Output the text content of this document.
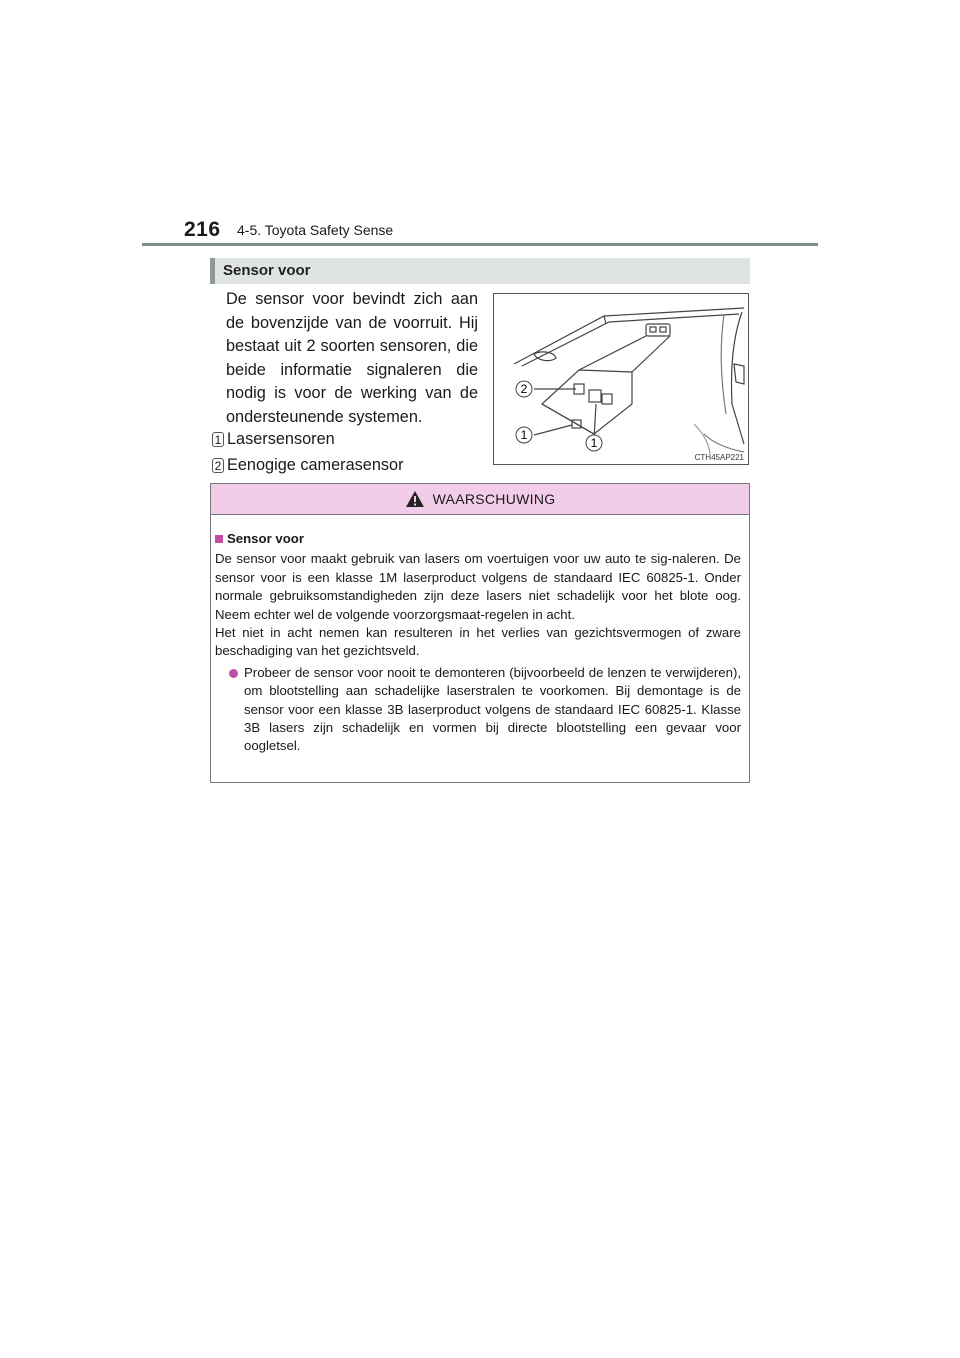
216 4-5. Toyota Safety Sense
Sensor voor

De sensor voor bevindt zich aan de bovenzijde van de voorruit. Hij bestaat uit 2 soorten sensoren, die beide informatie signaleren die nodig is voor de werking van de ondersteunende systemen.

1 Lasersensoren
2 Eenogige camerasensor
2
1
1
CTH45AP221
WAARSCHUWING

Sensor voor

De sensor voor maakt gebruik van lasers om voertuigen voor uw auto te sig-naleren. De sensor voor is een klasse 1M laserproduct volgens de standaard IEC 60825-1. Onder normale gebruiksomstandigheden zijn deze lasers niet schadelijk voor het blote oog. Neem echter wel de volgende voorzorgsmaat-regelen in acht.

Het niet in acht nemen kan resulteren in het verlies van gezichtsvermogen of zware beschadiging van het gezichtsveld.

Probeer de sensor voor nooit te demonteren (bijvoorbeeld de lenzen te verwijderen), om blootstelling aan schadelijke laserstralen te voorkomen. Bij demontage is de sensor voor een klasse 3B laserproduct volgens de standaard IEC 60825-1. Klasse 3B lasers zijn schadelijk en vormen bij directe blootstelling een gevaar voor oogletsel.
